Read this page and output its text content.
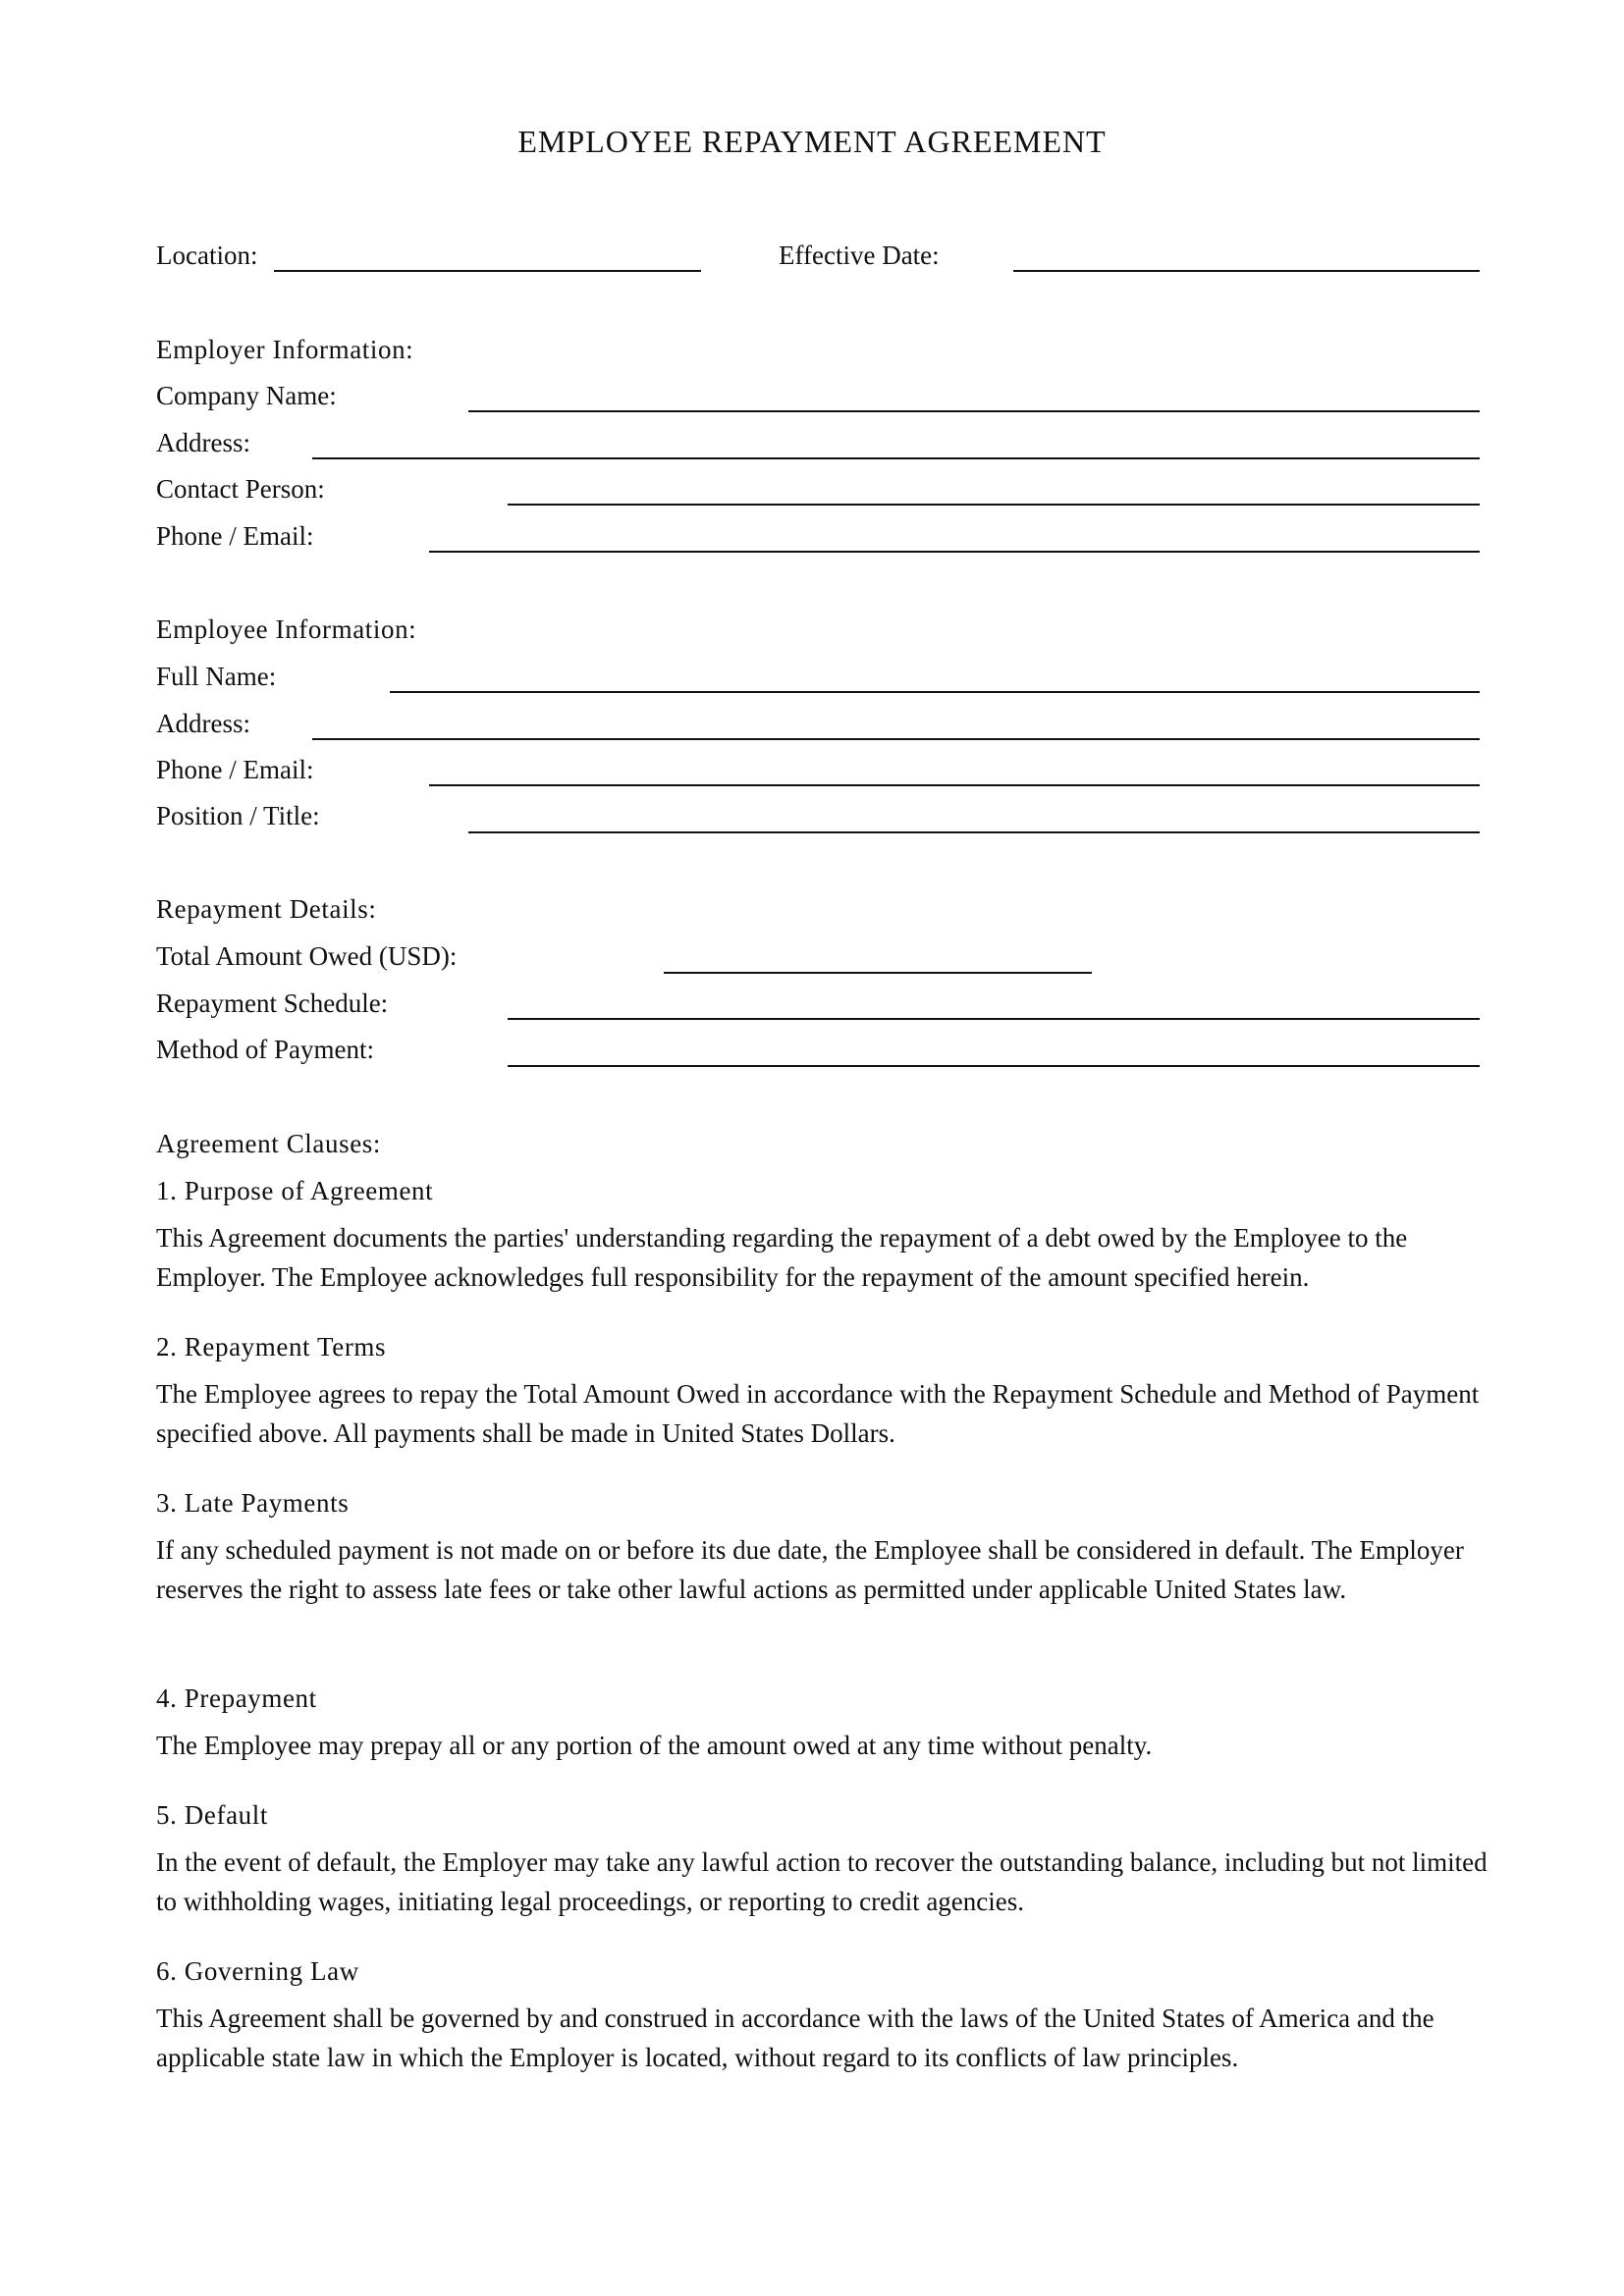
EMPLOYEE REPAYMENT AGREEMENT
Location:	Effective Date:
Employer Information:
Company Name:
Address:
Contact Person:
Phone / Email:
Employee Information:
Full Name:
Address:
Phone / Email:
Position / Title:
Repayment Details:
Total Amount Owed (USD):
Repayment Schedule:
Method of Payment:
Agreement Clauses:
1. Purpose of Agreement
This Agreement documents the parties' understanding regarding the repayment of a debt owed by the Employee to the Employer. The Employee acknowledges full responsibility for the repayment of the amount specified herein.
2. Repayment Terms
The Employee agrees to repay the Total Amount Owed in accordance with the Repayment Schedule and Method of Payment specified above. All payments shall be made in United States Dollars.
3. Late Payments
If any scheduled payment is not made on or before its due date, the Employee shall be considered in default. The Employer reserves the right to assess late fees or take other lawful actions as permitted under applicable United States law.
4. Prepayment
The Employee may prepay all or any portion of the amount owed at any time without penalty.
5. Default
In the event of default, the Employer may take any lawful action to recover the outstanding balance, including but not limited to withholding wages, initiating legal proceedings, or reporting to credit agencies.
6. Governing Law
This Agreement shall be governed by and construed in accordance with the laws of the United States of America and the applicable state law in which the Employer is located, without regard to its conflicts of law principles.
